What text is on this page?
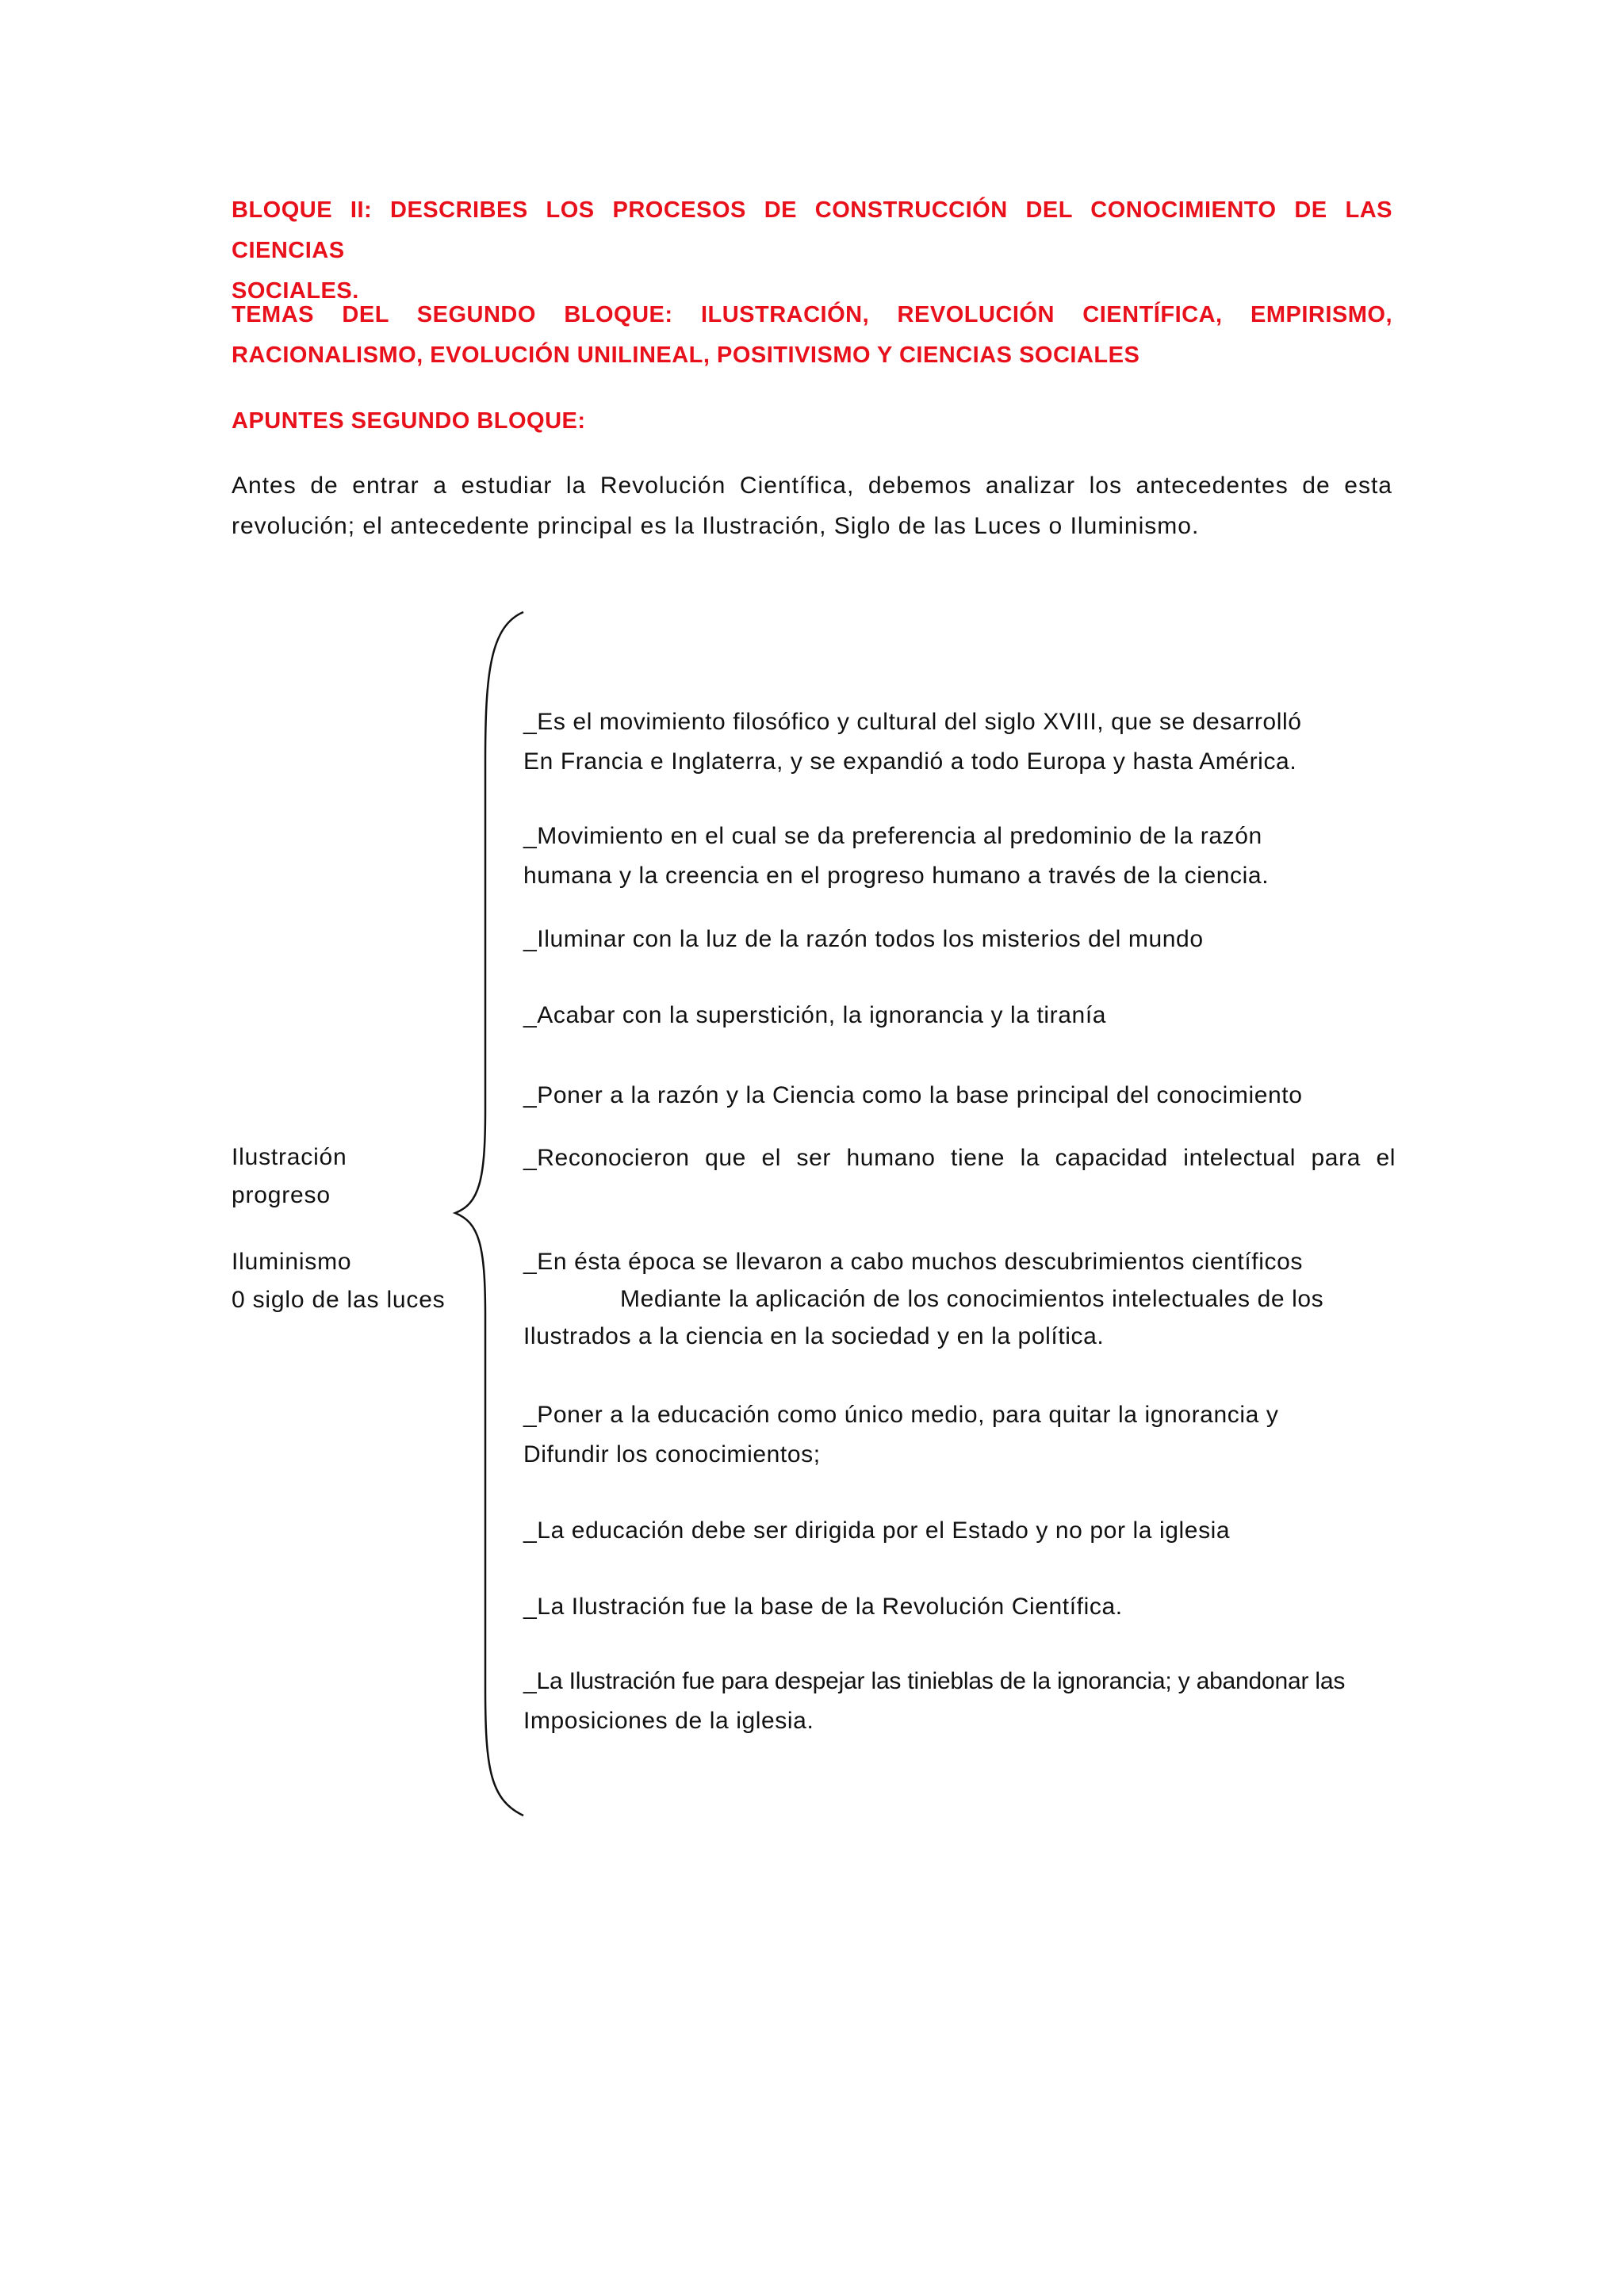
BLOQUE II: DESCRIBES LOS PROCESOS DE CONSTRUCCIÓN DEL CONOCIMIENTO DE LAS CIENCIAS
SOCIALES.
TEMAS DEL SEGUNDO BLOQUE: ILUSTRACIÓN, REVOLUCIÓN CIENTÍFICA, EMPIRISMO,
RACIONALISMO, EVOLUCIÓN UNILINEAL, POSITIVISMO Y CIENCIAS SOCIALES
APUNTES SEGUNDO BLOQUE:
Antes de entrar a estudiar la Revolución Científica, debemos analizar los antecedentes de esta
revolución; el antecedente principal es la Ilustración, Siglo de las Luces o Iluminismo.
Ilustración
progreso
Iluminismo
0 siglo de las luces
_Es el movimiento filosófico y cultural del siglo XVIII, que se desarrolló
En Francia e Inglaterra, y se expandió a todo Europa y hasta América.
_Movimiento en el cual se da preferencia al predominio de la razón
humana y la creencia en el progreso humano a través de la ciencia.
_Iluminar con la luz de la razón todos los misterios del mundo
_Acabar con la superstición, la ignorancia y la tiranía
_Poner a la razón y la Ciencia como la base principal del conocimiento
_Reconocieron que el ser humano tiene la capacidad intelectual para el
_En ésta época se llevaron a cabo muchos descubrimientos científicos
Mediante la aplicación de los conocimientos intelectuales de los
Ilustrados a la ciencia en la sociedad y en la política.
_Poner a la educación como único medio, para quitar la ignorancia y
Difundir los conocimientos;
_La educación debe ser dirigida por el Estado y no por la iglesia
_La Ilustración fue la base de la Revolución Científica.
_La Ilustración fue para despejar las tinieblas de la ignorancia; y abandonar las
Imposiciones de la iglesia.
